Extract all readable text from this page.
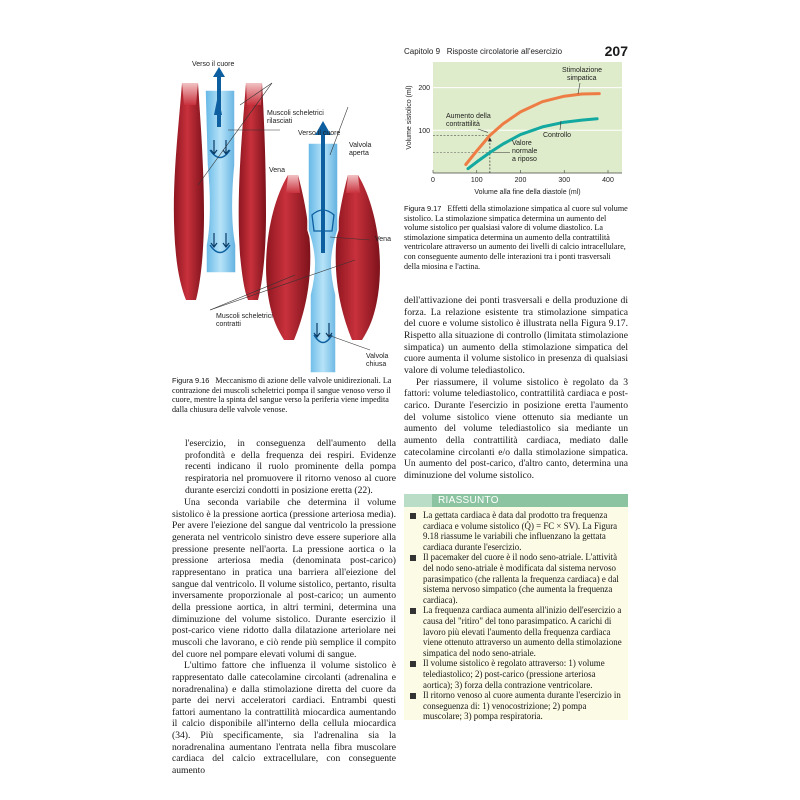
Capitolo 9 Risposte circolatorie all'esercizio	207
Verso il cuore
Muscoli scheletrici
rilasciati
Verso il cuore
Valvola
aperta
Vena
Vena
Muscoli scheletrici
contratti
Valvola
chiusa
Figura 9.16 Meccanismo di azione delle valvole unidirezionali. La contrazione dei muscoli scheletrici pompa il sangue venoso verso il cuore, mentre la spinta del sangue verso la periferia viene impedita dalla chiusura delle valvole venose.
100
200
0	100	200	300	400
Volume alla fine della diastole (ml)
Volume sistolico (ml)
Stimolazione
simpatica
Aumento della
contrattilità
Controllo
Valore
normale
a riposo
Figura 9.17 Effetti della stimolazione simpatica al cuore sul volume sistolico. La stimolazione simpatica determina un aumento del volume sistolico per qualsiasi valore di volume diastolico. La stimolazione simpatica determina un aumento della contrattilità ventricolare attraverso un aumento dei livelli di calcio intracellulare, con conseguente aumento delle interazioni tra i ponti trasversali della miosina e l'actina.

l'esercizio, in conseguenza dell'aumento della profondità e della frequenza dei respiri. Evidenze recenti indicano il ruolo prominente della pompa respiratoria nel promuovere il ritorno venoso al cuore durante esercizi condotti in posizione eretta (22).

Una seconda variabile che determina il volume sistolico è la pressione aortica (pressione arteriosa media). Per avere l'eiezione del sangue dal ventricolo la pressione generata nel ventricolo sinistro deve essere superiore alla pressione presente nell'aorta. La pressione aortica o la pressione arteriosa media (denominata post-carico) rappresentano in pratica una barriera all'eiezione del sangue dal ventricolo. Il volume sistolico, pertanto, risulta inversamente proporzionale al post-carico; un aumento della pressione aortica, in altri termini, determina una diminuzione del volume sistolico. Durante esercizio il post-carico viene ridotto dalla dilatazione arteriolare nei muscoli che lavorano, e ciò rende più semplice il compito del cuore nel pompare elevati volumi di sangue.

L'ultimo fattore che influenza il volume sistolico è rappresentato dalle catecolamine circolanti (adrenalina e noradrenalina) e dalla stimolazione diretta del cuore da parte dei nervi acceleratori cardiaci. Entrambi questi fattori aumentano la contrattilità miocardica aumentando il calcio disponibile all'interno della cellula miocardica (34). Più specificamente, sia l'adrenalina sia la noradrenalina aumentano l'entrata nella fibra muscolare cardiaca del calcio extracellulare, con conseguente aumento

dell'attivazione dei ponti trasversali e della produzione di forza. La relazione esistente tra stimolazione simpatica del cuore e volume sistolico è illustrata nella Figura 9.17. Rispetto alla situazione di controllo (limitata stimolazione simpatica) un aumento della stimolazione simpatica del cuore aumenta il volume sistolico in presenza di qualsiasi valore di volume telediastolico.

Per riassumere, il volume sistolico è regolato da 3 fattori: volume telediastolico, contrattilità cardiaca e post-carico. Durante l'esercizio in posizione eretta l'aumento del volume sistolico viene ottenuto sia mediante un aumento del volume telediastolico sia mediante un aumento della contrattilità cardiaca, mediato dalle catecolamine circolanti e/o dalla stimolazione simpatica. Un aumento del post-carico, d'altro canto, determina una diminuzione del volume sistolico.

RIASSUNTO
La gettata cardiaca è data dal prodotto tra frequenza cardiaca e volume sistolico (Q̇) = FC × SV). La Figura 9.18 riassume le variabili che influenzano la gettata cardiaca durante l'esercizio.
Il pacemaker del cuore è il nodo seno-atriale. L'attività del nodo seno-atriale è modificata dal sistema nervoso parasimpatico (che rallenta la frequenza cardiaca) e dal sistema nervoso simpatico (che aumenta la frequenza cardiaca).
La frequenza cardiaca aumenta all'inizio dell'esercizio a causa del "ritiro" del tono parasimpatico. A carichi di lavoro più elevati l'aumento della frequenza cardiaca viene ottenuto attraverso un aumento della stimolazione simpatica del nodo seno-atriale.
Il volume sistolico è regolato attraverso: 1) volume telediastolico; 2) post-carico (pressione arteriosa aortica); 3) forza della contrazione ventricolare.
Il ritorno venoso al cuore aumenta durante l'esercizio in conseguenza di: 1) venocostrizione; 2) pompa muscolare; 3) pompa respiratoria.
